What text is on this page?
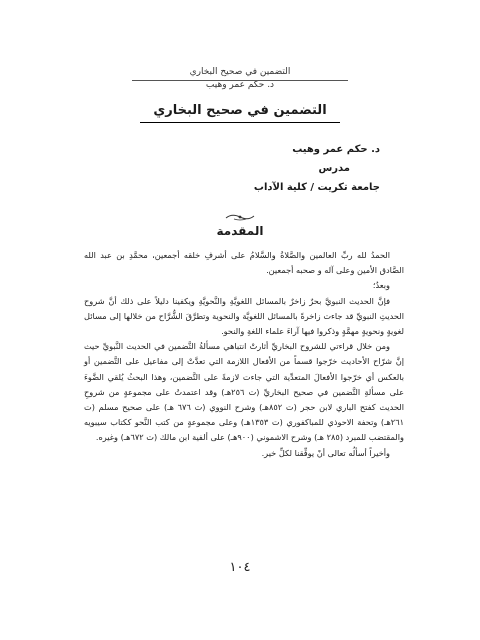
التضمين في صحيح البخاري
د. حكم عمر وهيب
التضمين في صحيح البخاري
د. حكم عمر وهيب
مدرس
جامعة تكريت / كلية الآداب
المقدمة

الحمدُ لله ربِّ العالمين والصَّلاةُ والسَّلامُ على أشرفِ خلقه أجمعين، محمَّدِ بن عبد الله الصَّادق الأمين وعلى آله و صحبه أجمعين.

وبعدُ؛

فإنَّ الحديث النبويَّ بحرٌ زاخرٌ بالمسائل اللغويَّةِ والنَّحويَّةِ ويكفينا دليلاً على ذلك أنَّ شروح الحديثِ النبويِّ قد جاءت زاخرةً بالمسائل اللغويَّة والنحوية وتطرَّقَ الشُّرَّاح من خلالها إلى مسائل لغويةٍ ونحويةٍ مهمَّةٍ وذكروا فيها آراءَ علماء اللغةِ والنحو.

ومن خلال قراءتي للشروح البخاريِّ أثارتْ انتباهي مسألةُ التَّضمين في الحديث النَّبويِّ حيث إنَّ شرّاح الأحاديث خرّجوا قسماً من الأفعال اللازمة التي تعدَّتْ إلى مفاعيل على التَّضمين أو بالعكس أي خرّجوا الأفعالَ المتعدِّية التي جاءت لازمةً على التَّضمين، وهذا البحثُ يُلقي الضَّوءَ على مسألةِ التَّضمين في صحيح البخاريِّ (ت ٢٥٦هـ) وقد اعتمدتُ على مجموعةٍ من شروحِ الحديث كفتح الباري لابن حجر (ت ٨٥٢هـ) وشرح النووي (ت ٦٧٦ هـ) على صحيح مسلم (ت ٢٦١هـ) وتحفة الاحوذي للمباكفوري (ت ١٣٥٣هـ) وعلى مجموعةٍ من كتب النَّحو ككتاب سيبويه والمقتضب للمبرد (٢٨٥ هـ) وشرح الاشموني (٩٠٠هـ) على ألفية ابن مالك (ت ٦٧٢هـ) وغيره.

وأخيراً أسألُه تعالى أنْ يوفِّقنا لكلِّ خير.

١٠٤
